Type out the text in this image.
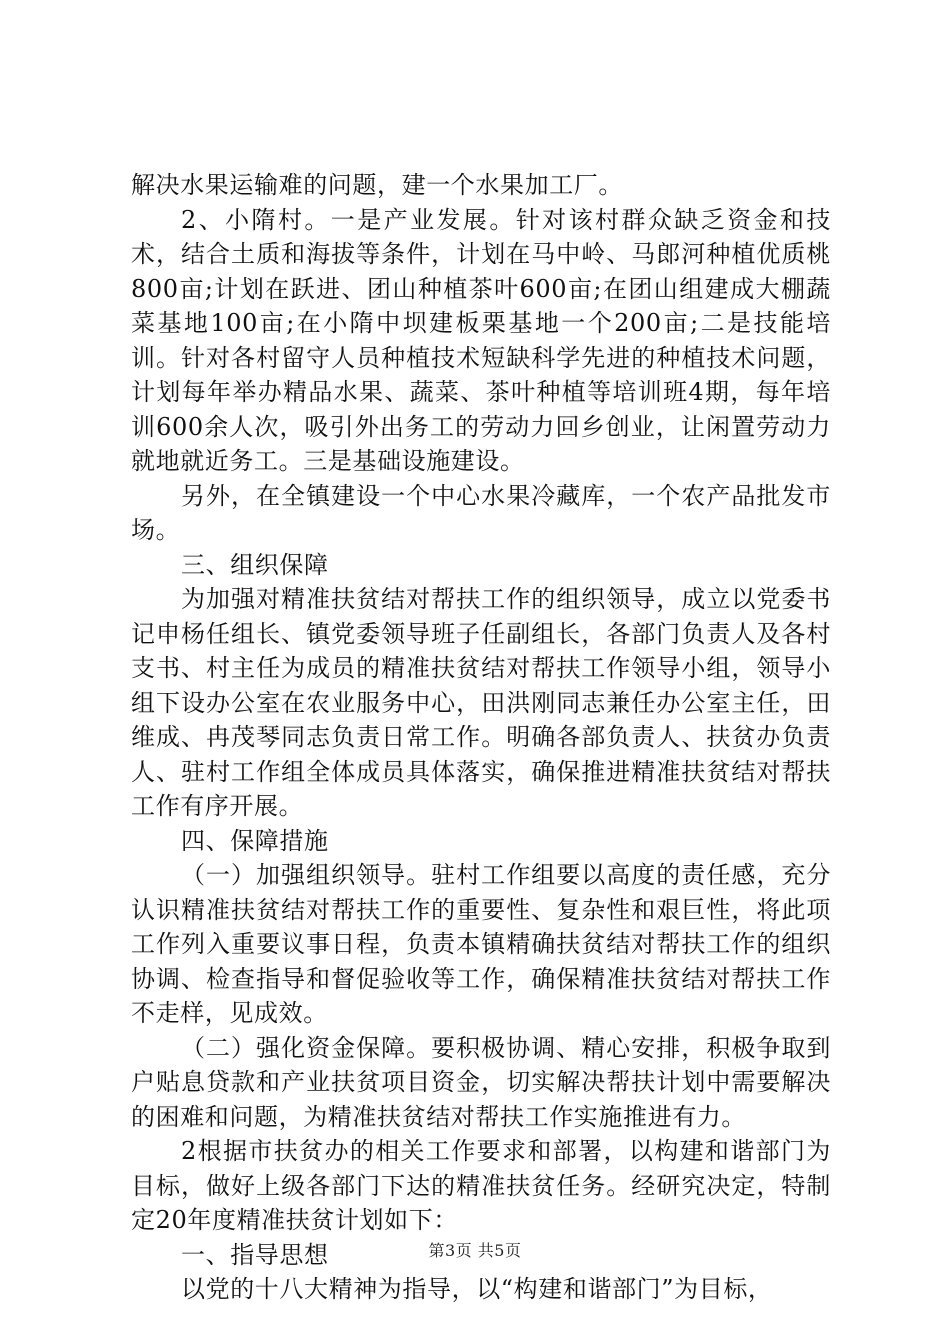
解决水果运输难的问题，建一个水果加工厂。

2、小隋村。一是产业发展。针对该村群众缺乏资金和技术，结合土质和海拔等条件，计划在马中岭、马郎河种植优质桃800亩;计划在跃进、团山种植茶叶600亩;在团山组建成大棚蔬菜基地100亩;在小隋中坝建板栗基地一个200亩;二是技能培训。针对各村留守人员种植技术短缺科学先进的种植技术问题，计划每年举办精品水果、蔬菜、茶叶种植等培训班4期，每年培训600余人次，吸引外出务工的劳动力回乡创业，让闲置劳动力就地就近务工。三是基础设施建设。

另外，在全镇建设一个中心水果冷藏库，一个农产品批发市场。

三、组织保障

为加强对精准扶贫结对帮扶工作的组织领导，成立以党委书记申杨任组长、镇党委领导班子任副组长，各部门负责人及各村支书、村主任为成员的精准扶贫结对帮扶工作领导小组，领导小组下设办公室在农业服务中心，田洪刚同志兼任办公室主任，田维成、冉茂琴同志负责日常工作。明确各部负责人、扶贫办负责人、驻村工作组全体成员具体落实，确保推进精准扶贫结对帮扶工作有序开展。

四、保障措施

（一）加强组织领导。驻村工作组要以高度的责任感，充分认识精准扶贫结对帮扶工作的重要性、复杂性和艰巨性，将此项工作列入重要议事日程，负责本镇精确扶贫结对帮扶工作的组织协调、检查指导和督促验收等工作，确保精准扶贫结对帮扶工作不走样，见成效。

（二）强化资金保障。要积极协调、精心安排，积极争取到户贴息贷款和产业扶贫项目资金，切实解决帮扶计划中需要解决的困难和问题，为精准扶贫结对帮扶工作实施推进有力。

2根据市扶贫办的相关工作要求和部署，以构建和谐部门为目标，做好上级各部门下达的精准扶贫任务。经研究决定，特制定20年度精准扶贫计划如下：

一、指导思想

以党的十八大精神为指导，以“构建和谐部门”为目标，

第3页 共5页
